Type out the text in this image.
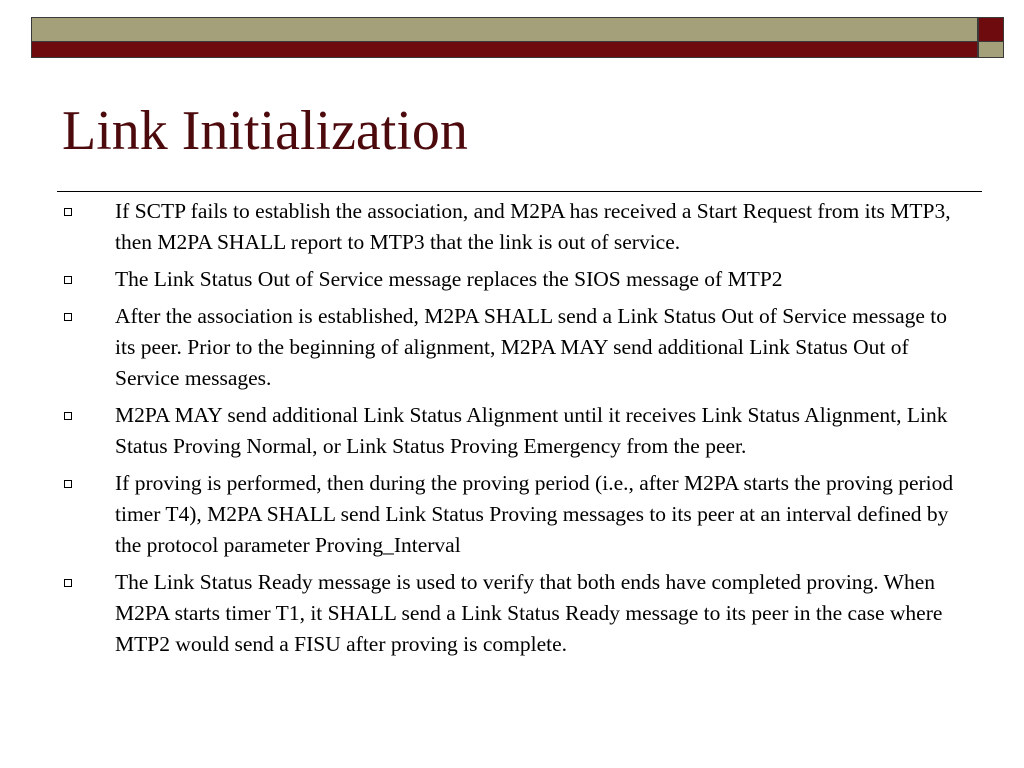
Link Initialization
If SCTP fails to establish the association, and M2PA has received a Start Request from its MTP3, then M2PA SHALL report to MTP3 that the link is out of service.
The Link Status Out of Service message replaces the SIOS message of MTP2
After the association is established, M2PA SHALL send a Link Status Out of Service message to its peer. Prior to the beginning of alignment, M2PA MAY send additional Link Status Out of Service messages.
M2PA MAY send additional Link Status Alignment until it receives Link Status Alignment, Link Status Proving Normal, or Link Status Proving Emergency from the peer.
If proving is performed, then during the proving period (i.e., after M2PA starts the proving period timer T4), M2PA SHALL send Link Status Proving messages to its peer at an interval defined by the protocol parameter Proving_Interval
The Link Status Ready message is used to verify that both ends have completed proving. When M2PA starts timer T1, it SHALL send a Link Status Ready message to its peer in the case where MTP2 would send a FISU after proving is complete.
